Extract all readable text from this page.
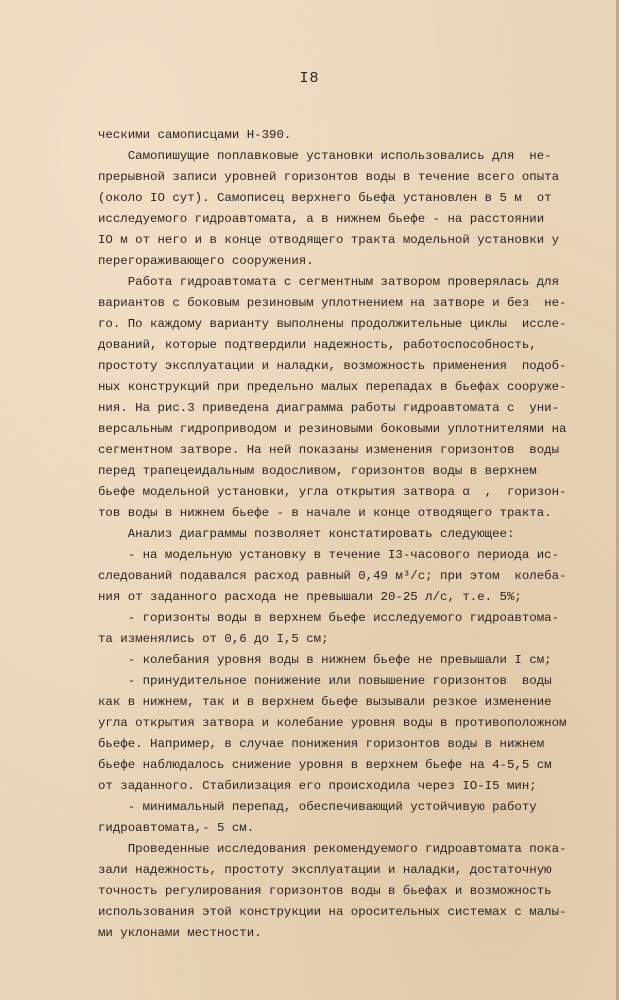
I8
ческими самописцами Н-390.
Самопишущие поплавковые установки использовались для  не-
прерывной записи уровней горизонтов воды в течение всего опыта
(около IО сут). Самописец верхнего бьефа установлен в 5 м  от
исследуемого гидроавтомата, а в нижнем бьефе - на расстоянии
IО м от него и в конце отводящего тракта модельной установки у
перегораживающего сооружения.
Работа гидроавтомата с сегментным затвором проверялась для
вариантов с боковым резиновым уплотнением на затворе и без  не-
го. По каждому варианту выполнены продолжительные циклы  иссле-
дований, которые подтвердили надежность, работоспособность,
простоту эксплуатации и наладки, возможность применения  подоб-
ных конструкций при предельно малых перепадах в бьефах сооруже-
ния. На рис.3 приведена диаграмма работы гидроавтомата с  уни-
версальным гидроприводом и резиновыми боковыми уплотнителями на
сегментном затворе. На ней показаны изменения горизонтов  воды
перед трапецеидальным водосливом, горизонтов воды в верхнем
бьефе модельной установки, угла открытия затвора α  ,  горизон-
тов воды в нижнем бьефе - в начале и конце отводящего тракта.
Анализ диаграммы позволяет констатировать следующее:
- на модельную установку в течение I3-часового периода ис-
следований подавался расход равный 0,49 м³/с; при этом  колеба-
ния от заданного расхода не превышали 20-25 л/с, т.е. 5%;
- горизонты воды в верхнем бьефе исследуемого гидроавтома-
та изменялись от 0,6 до I,5 см;
- колебания уровня воды в нижнем бьефе не превышали I см;
- принудительное понижение или повышение горизонтов  воды
как в нижнем, так и в верхнем бьефе вызывали резкое изменение
угла открытия затвора и колебание уровня воды в противоположном
бьефе. Например, в случае понижения горизонтов воды в нижнем
бьефе наблюдалось снижение уровня в верхнем бьефе на 4-5,5 см
от заданного. Стабилизация его происходила через IО-I5 мин;
- минимальный перепад, обеспечивающий устойчивую работу
гидроавтомата,- 5 см.
Проведенные исследования рекомендуемого гидроавтомата пока-
зали надежность, простоту эксплуатации и наладки, достаточную
точность регулирования горизонтов воды в бьефах и возможность
использования этой конструкции на оросительных системах с малы-
ми уклонами местности.
